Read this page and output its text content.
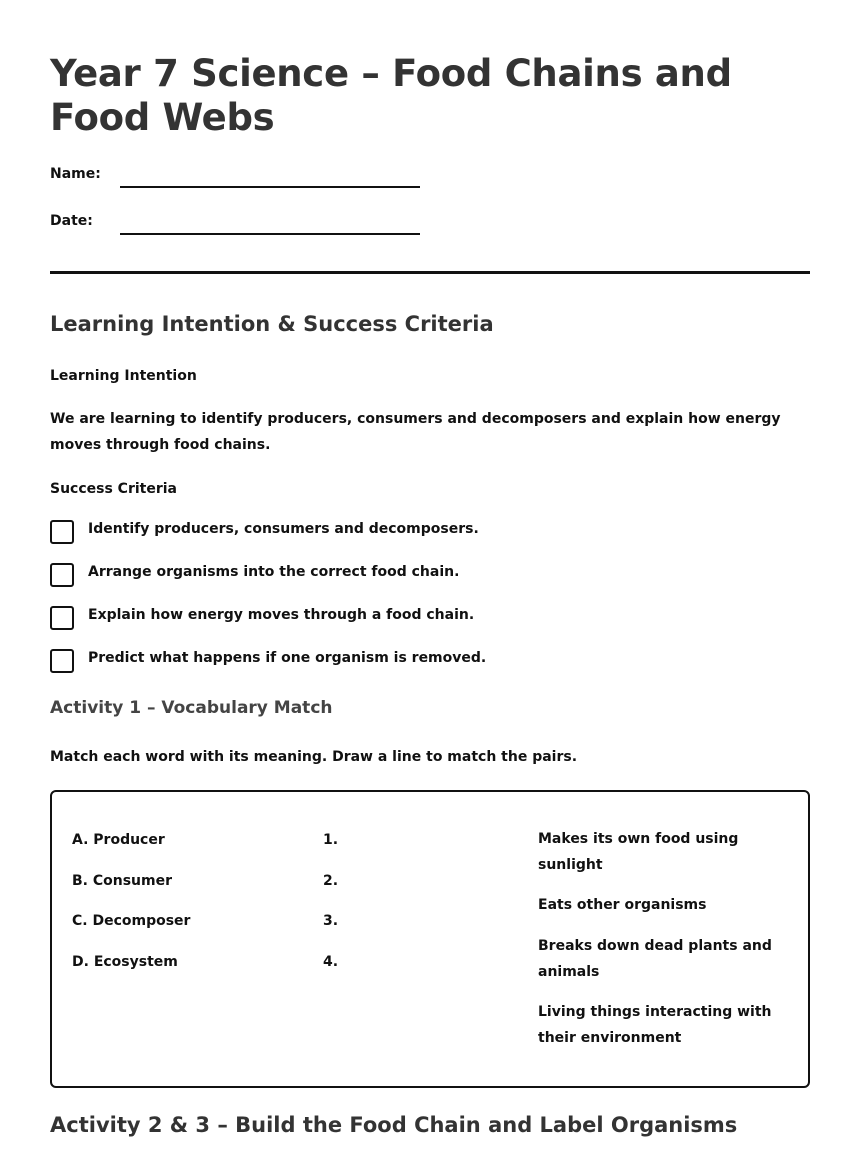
Year 7 Science – Food Chains and Food Webs
Name:
Date:
Learning Intention & Success Criteria
Learning Intention

We are learning to identify producers, consumers and decomposers and explain how energy moves through food chains.

Success Criteria
Identify producers, consumers and decomposers.
Arrange organisms into the correct food chain.
Explain how energy moves through a food chain.
Predict what happens if one organism is removed.
Activity 1 – Vocabulary Match

Match each word with its meaning. Draw a line to match the pairs.

A. Producer
B. Consumer
C. Decomposer
D. Ecosystem
1.
2.
3.
4.
Makes its own food using sunlight
Eats other organisms
Breaks down dead plants and animals
Living things interacting with their environment
Activity 2 & 3 – Build the Food Chain and Label Organisms
